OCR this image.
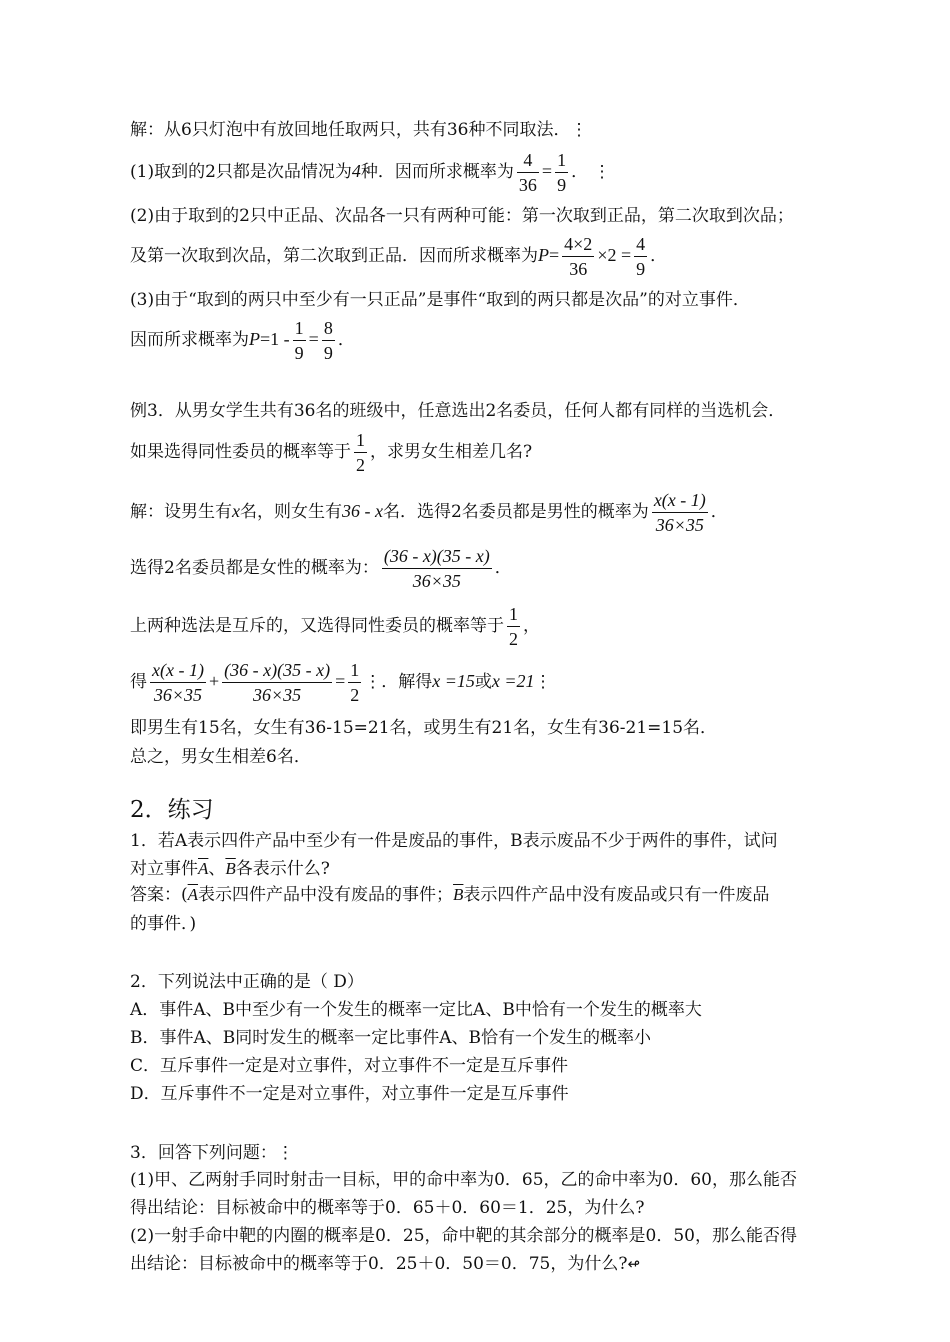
解：从6只灯泡中有放回地任取两只，共有36种不同取法．⋮
(1)取到的2只都是次品情况为4种．因而所求概率为 $\frac{4}{36} = \frac{1}{9}$ ． ⋮
(2)由于取到的2只中正品、次品各一只有两种可能：第一次取到正品，第二次取到次品；
及第一次取到次品，第二次取到正品．因而所求概率为$P= \frac{4\times 2}{36} \times 2 = \frac{4}{9}$ ．
(3)由于“取到的两只中至少有一只正品”是事件“取到的两只都是次品”的对立事件．
因而所求概率为$P=1 - \frac{1}{9} = \frac{8}{9}$ ．
例3．从男女学生共有36名的班级中，任意选出2名委员，任何人都有同样的当选机会．
如果选得同性委员的概率等于 $\frac{1}{2}$ ，求男女生相差几名?
解：设男生有x名，则女生有36 - x名．选得2名委员都是男性的概率为 $\frac{x(x - 1)}{36\times 35}$ ．
选得2名委员都是女性的概率为： $\frac{(36 - x)(35 - x)}{36\times 35}$ ．
上两种选法是互斥的，又选得同性委员的概率等于 $\frac{1}{2}$ ，
得 $\frac{x(x - 1)}{36\times 35} + \frac{(36 - x)(35 - x)}{36\times 35} = \frac{1}{2}$ ⋮．解得x =15或x =21⋮
即男生有15名，女生有36-15=21名，或男生有21名，女生有36-21=15名．
总之，男女生相差6名．
2．练习
1．若A表示四件产品中至少有一件是废品的事件，B表示废品不少于两件的事件，试问
对立事件$\overline{A}$、$\overline{B}$各表示什么?
答案：($\overline{A}$表示四件产品中没有废品的事件；$\overline{B}$表示四件产品中没有废品或只有一件废品
的事件．)
2．下列说法中正确的是（ D）
A．事件A、B中至少有一个发生的概率一定比A、B中恰有一个发生的概率大
B．事件A、B同时发生的概率一定比事件A、B恰有一个发生的概率小
C．互斥事件一定是对立事件，对立事件不一定是互斥事件
D．互斥事件不一定是对立事件，对立事件一定是互斥事件
3．回答下列问题：⋮
(1)甲、乙两射手同时射击一目标，甲的命中率为0．65，乙的命中率为0．60，那么能否
得出结论：目标被命中的概率等于0．65＋0．60＝1．25，为什么?
(2)一射手命中靶的内圈的概率是0．25，命中靶的其余部分的概率是0．50，那么能否得
出结论：目标被命中的概率等于0．25＋0．50＝0．75，为什么?↫
